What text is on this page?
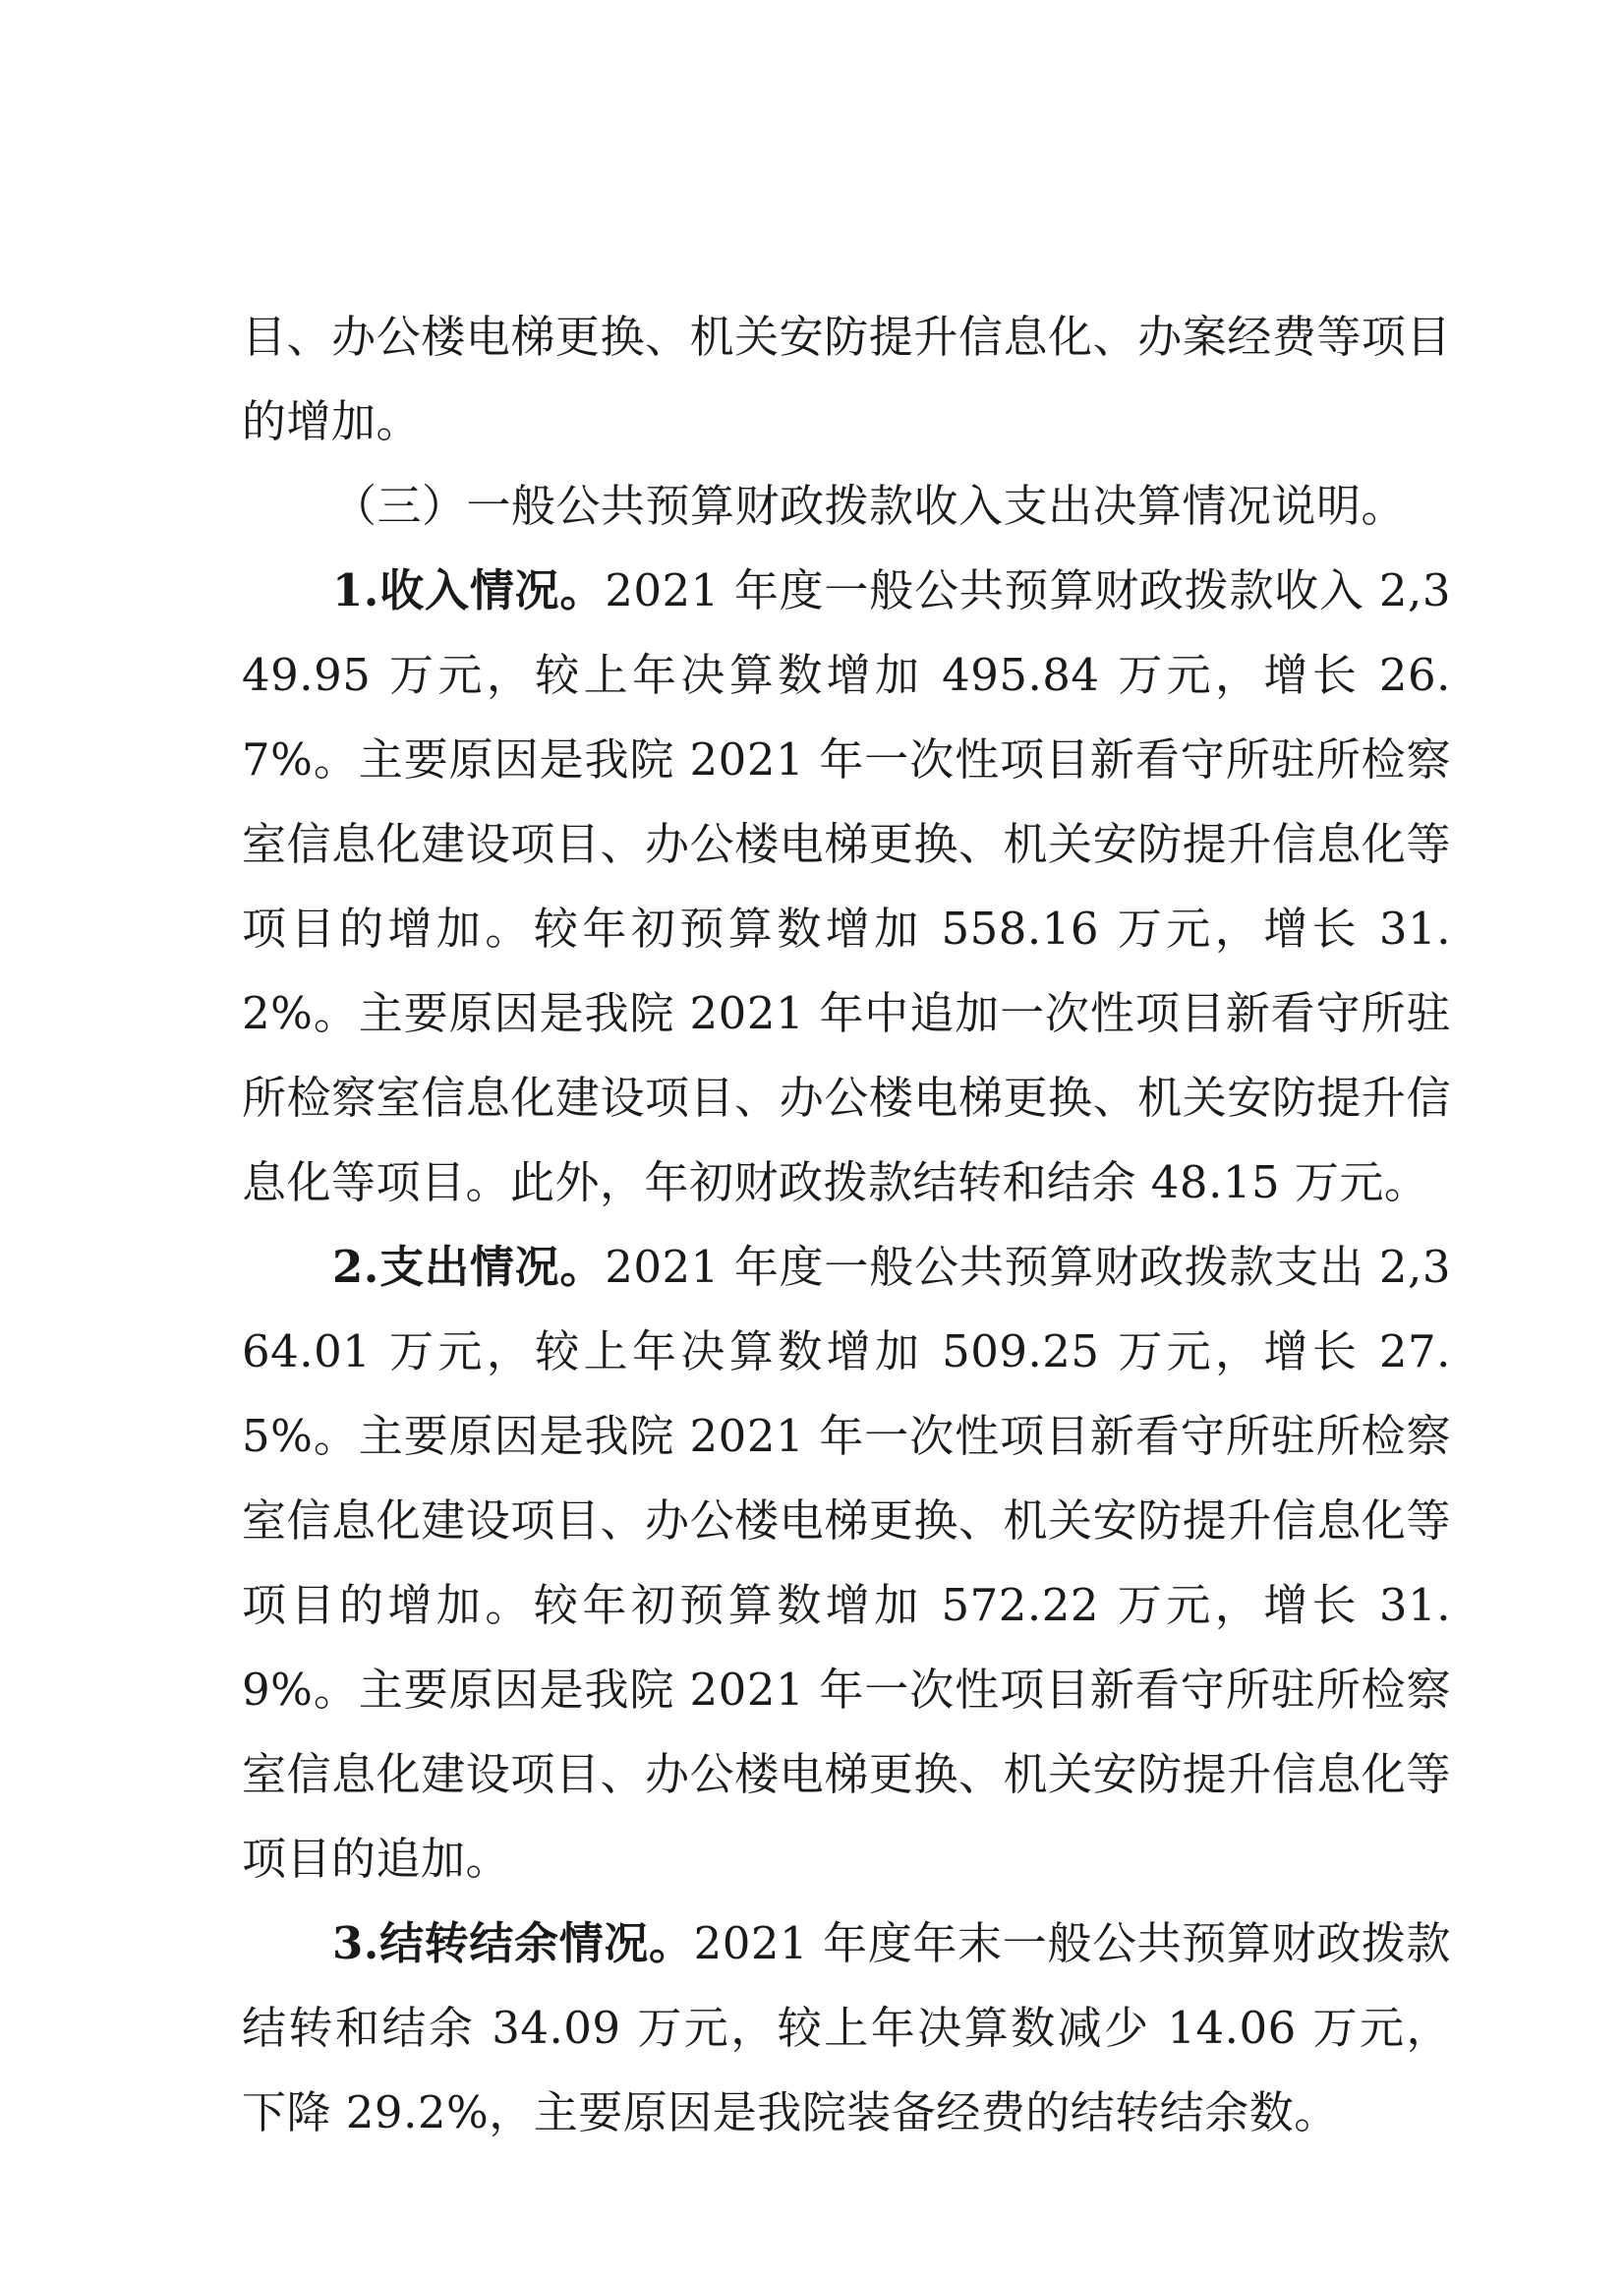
目、办公楼电梯更换、机关安防提升信息化、办案经费等项目的增加。

（三）一般公共预算财政拨款收入支出决算情况说明。

1.收入情况。2021 年度一般公共预算财政拨款收入 2,349.95 万元，较上年决算数增加 495.84 万元，增长 26.7%。主要原因是我院 2021 年一次性项目新看守所驻所检察室信息化建设项目、办公楼电梯更换、机关安防提升信息化等项目的增加。较年初预算数增加 558.16 万元，增长 31.2%。主要原因是我院 2021 年中追加一次性项目新看守所驻所检察室信息化建设项目、办公楼电梯更换、机关安防提升信息化等项目。此外，年初财政拨款结转和结余 48.15 万元。

2.支出情况。2021 年度一般公共预算财政拨款支出 2,364.01 万元，较上年决算数增加 509.25 万元，增长 27.5%。主要原因是我院 2021 年一次性项目新看守所驻所检察室信息化建设项目、办公楼电梯更换、机关安防提升信息化等项目的增加。较年初预算数增加 572.22 万元，增长 31.9%。主要原因是我院 2021 年一次性项目新看守所驻所检察室信息化建设项目、办公楼电梯更换、机关安防提升信息化等项目的追加。

3.结转结余情况。2021 年度年末一般公共预算财政拨款结转和结余 34.09 万元，较上年决算数减少 14.06 万元，下降 29.2%，主要原因是我院装备经费的结转结余数。
